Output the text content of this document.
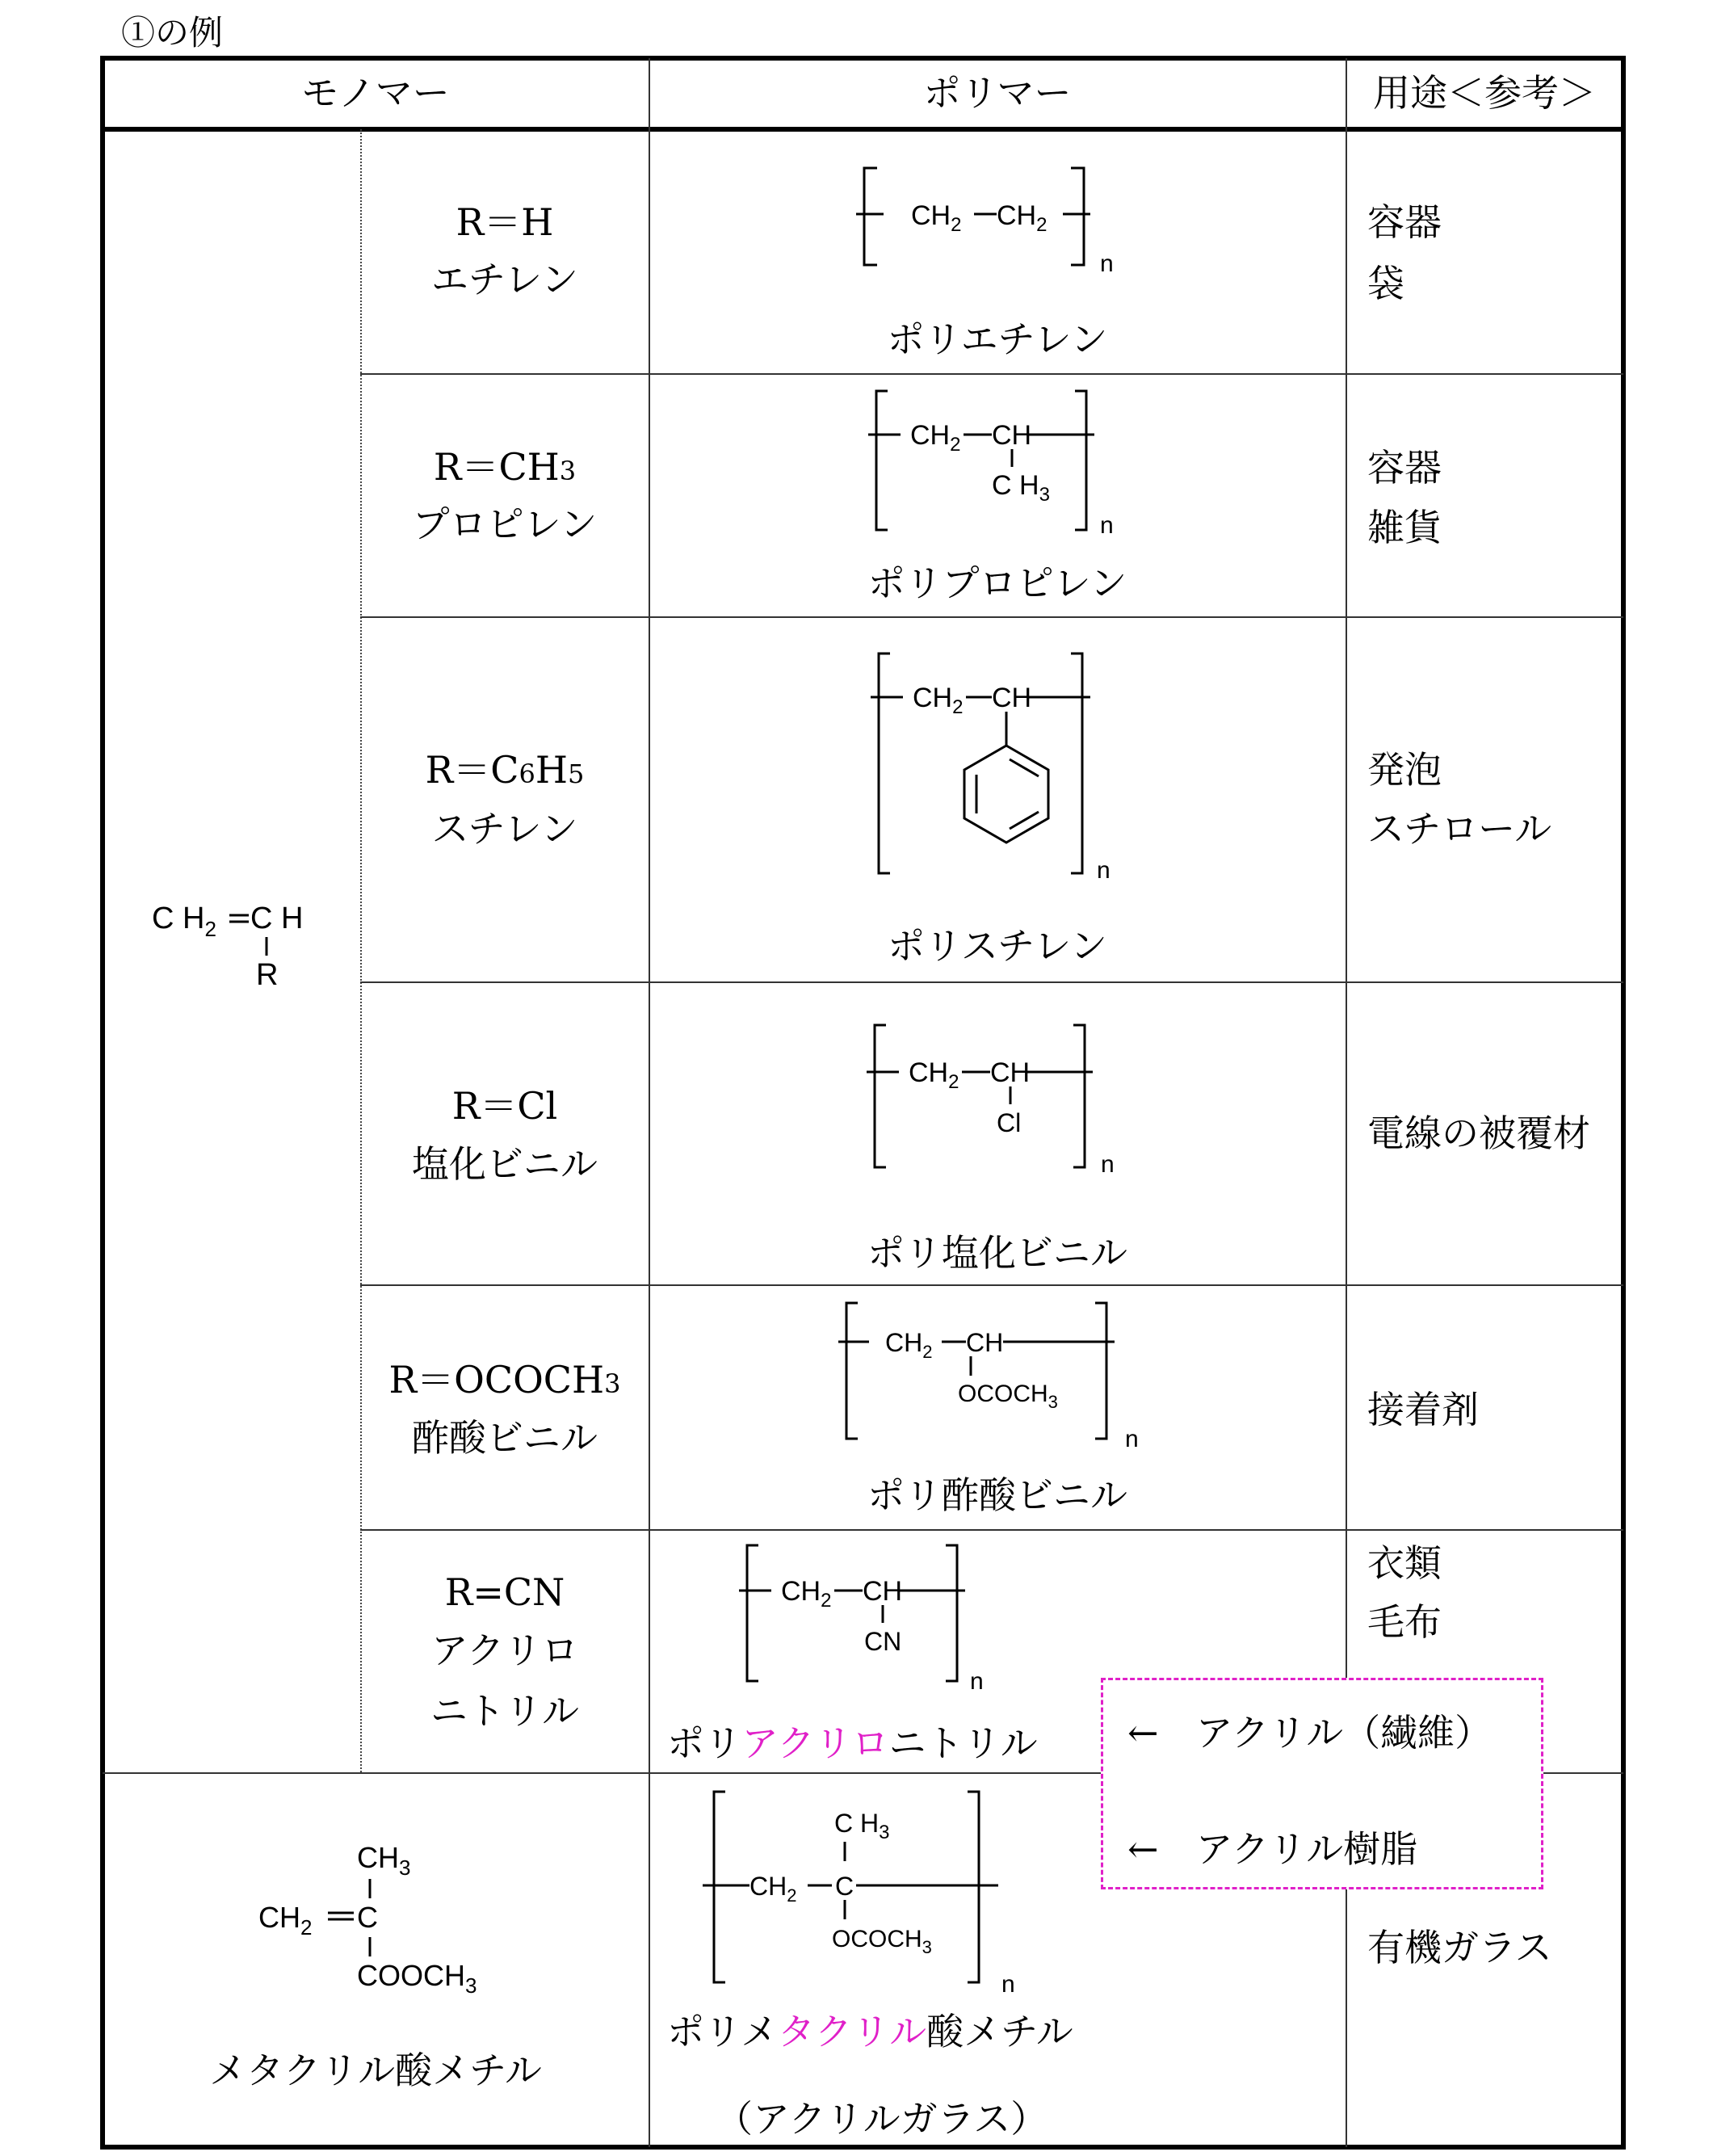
①の例
モノマー	ポリマー	用途＜参考＞
C $H_2$ C H
R
R＝H
エチレン
$CH_2$ $CH_2$
n
ポリエチレン
容器
袋
R＝CH3
プロピレン
$CH_2$ CH
C $H_3$
n
ポリプロピレン
容器
雑貨
R＝C6H5
スチレン
$CH_2$ CH
n
ポリスチレン
発泡
スチロール
R＝Cl
塩化ビニル
$CH_2$ CH
Cl
n
ポリ塩化ビニル
電線の被覆材
R＝OCOCH3
酢酸ビニル
$CH_2$ CH
$OCOCH_3$
n
ポリ酢酸ビニル
接着剤
R=CN
アクリロ
ニトリル
$CH_2$ CH
CN
n
ポリアクリロニトリル
衣類
毛布
$CH_3$
$CH_2$ C
$COOCH_3$
メタクリル酸メチル
C $H_3$
$CH_2$ C
$OCOCH_3$
n
ポリメタクリル酸メチル
（アクリルガラス）
有機ガラス
←　アクリル（繊維）
←　アクリル樹脂
